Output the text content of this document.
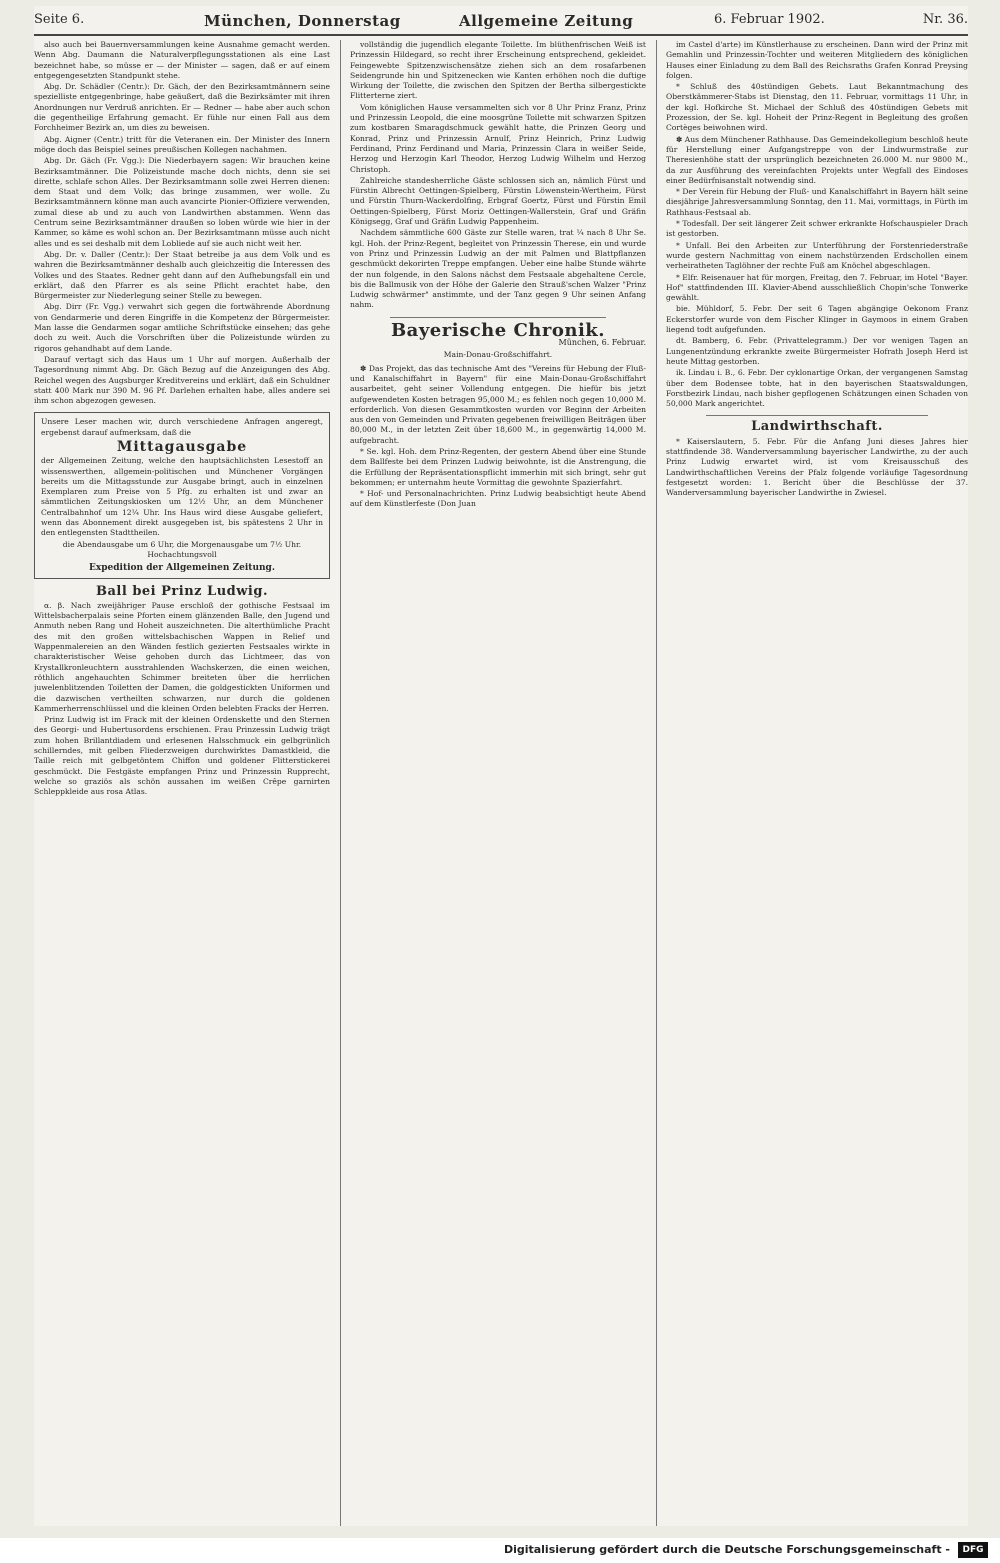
Seite 6.	München, Donnerstag	Allgemeine Zeitung	6. Februar 1902.	Nr. 36.

also auch bei Bauernversammlungen keine Ausnahme gemacht werden. Wenn Abg. Daumann die Naturalverpflegungsstationen als eine Last bezeichnet habe, so müsse er — der Minister — sagen, daß er auf einem entgegengesetzten Standpunkt stehe.

Abg. Dr. Schädler (Centr.): Dr. Gäch, der den Bezirksamtmännern seine spezielliste entgegenbringe, habe geäußert, daß die Bezirksämter mit ihren Anordnungen nur Verdruß anrichten. Er — Redner — habe aber auch schon die gegentheilige Erfahrung gemacht. Er fühle nur einen Fall aus dem Forchheimer Bezirk an, um dies zu beweisen.

Abg. Aigner (Centr.) tritt für die Veteranen ein. Der Minister des Innern möge doch das Beispiel seines preußischen Kollegen nachahmen.

Abg. Dr. Gäch (Fr. Vgg.): Die Niederbayern sagen: Wir brauchen keine Bezirksamtmänner. Die Polizeistunde mache doch nichts, denn sie sei dirette, schlafe schon Alles. Der Bezirksamtmann solle zwei Herren dienen: dem Staat und dem Volk; das bringe zusammen, wer wolle. Zu Bezirksamtmännern könne man auch avancirte Pionier-Offiziere verwenden, zumal diese ab und zu auch von Landwirthen abstammen. Wenn das Centrum seine Bezirksamtmänner draußen so loben würde wie hier in der Kammer, so käme es wohl schon an. Der Bezirksamtmann müsse auch nicht alles und es sei deshalb mit dem Lobliede auf sie auch nicht weit her.

Abg. Dr. v. Daller (Centr.): Der Staat betreibe ja aus dem Volk und es wahren die Bezirksamtmänner deshalb auch gleichzeitig die Interessen des Volkes und des Staates. Redner geht dann auf den Aufhebungsfall ein und erklärt, daß den Pfarrer es als seine Pflicht erachtet habe, den Bürgermeister zur Niederlegung seiner Stelle zu bewegen.

Abg. Dirr (Fr. Vgg.) verwahrt sich gegen die fortwährende Abordnung von Gendarmerie und deren Eingriffe in die Kompetenz der Bürgermeister. Man lasse die Gendarmen sogar amtliche Schriftstücke einsehen; das gehe doch zu weit. Auch die Vorschriften über die Polizeistunde würden zu rigoros gehandhabt auf dem Lande.

Darauf vertagt sich das Haus um 1 Uhr auf morgen. Außerhalb der Tagesordnung nimmt Abg. Dr. Gäch Bezug auf die Anzeigungen des Abg. Reichel wegen des Augsburger Kreditvereins und erklärt, daß ein Schuldner statt 400 Mark nur 390 M. 96 Pf. Darlehen erhalten habe, alles andere sei ihm schon abgezogen gewesen.

Unsere Leser machen wir, durch verschiedene Anfragen angeregt, ergebenst darauf aufmerksam, daß die

Mittagausgabe

der Allgemeinen Zeitung, welche den hauptsächlichsten Lesestoff an wissenswerthen, allgemein-politischen und Münchener Vorgängen bereits um die Mittagsstunde zur Ausgabe bringt, auch in einzelnen Exemplaren zum Preise von 5 Pfg. zu erhalten ist und zwar an sämmtlichen Zeitungskiosken um 12½ Uhr, an dem Münchener Centralbahnhof um 12¼ Uhr. Ins Haus wird diese Ausgabe geliefert, wenn das Abonnement direkt ausgegeben ist, bis spätestens 2 Uhr in den entlegensten Stadttheilen.

die Abendausgabe um 6 Uhr, die Morgenausgabe um 7½ Uhr.
Hochachtungsvoll
Expedition der Allgemeinen Zeitung.
Ball bei Prinz Ludwig.

α. β. Nach zweijähriger Pause erschloß der gothische Festsaal im Wittelsbacherpalais seine Pforten einem glänzenden Balle, den Jugend und Anmuth neben Rang und Hoheit auszeichneten. Die alterthümliche Pracht des mit den großen wittelsbachischen Wappen in Relief und Wappenmalereien an den Wänden festlich gezierten Festsaales wirkte in charakteristischer Weise gehoben durch das Lichtmeer, das von Krystallkronleuchtern ausstrahlenden Wachskerzen, die einen weichen, röthlich angehauchten Schimmer breiteten über die herrlichen juwelenblitzenden Toiletten der Damen, die goldgestickten Uniformen und die dazwischen vertheilten schwarzen, nur durch die goldenen Kammerherrenschlüssel und die kleinen Orden belebten Fracks der Herren.

Prinz Ludwig ist im Frack mit der kleinen Ordenskette und den Sternen des Georgi- und Hubertusordens erschienen. Frau Prinzessin Ludwig trägt zum hohen Brillantdiadem und erlesenen Halsschmuck ein gelbgrünlich schillerndes, mit gelben Fliederzweigen durchwirktes Damastkleid, die Taille reich mit gelbgetöntem Chiffon und goldener Flitterstickerei geschmückt. Die Festgäste empfangen Prinz und Prinzessin Rupprecht, welche so graziös als schön aussahen im weißen Crêpe garnirten Schleppkleide aus rosa Atlas.

vollständig die jugendlich elegante Toilette. Im blüthenfrischen Weiß ist Prinzessin Hildegard, so recht ihrer Erscheinung entsprechend, gekleidet. Feingewebte Spitzenzwischensätze ziehen sich an dem rosafarbenen Seidengrunde hin und Spitzenecken wie Kanten erhöhen noch die duftige Wirkung der Toilette, die zwischen den Spitzen der Bertha silbergestickte Flitterterne ziert.

Vom königlichen Hause versammelten sich vor 8 Uhr Prinz Franz, Prinz und Prinzessin Leopold, die eine moosgrüne Toilette mit schwarzen Spitzen zum kostbaren Smaragdschmuck gewählt hatte, die Prinzen Georg und Konrad, Prinz und Prinzessin Arnulf, Prinz Heinrich, Prinz Ludwig Ferdinand, Prinz Ferdinand und Maria, Prinzessin Clara in weißer Seide, Herzog und Herzogin Karl Theodor, Herzog Ludwig Wilhelm und Herzog Christoph.

Zahlreiche standesherrliche Gäste schlossen sich an, nämlich Fürst und Fürstin Albrecht Oettingen-Spielberg, Fürstin Löwenstein-Wertheim, Fürst und Fürstin Thurn-Wackerdolfing, Erbgraf Goertz, Fürst und Fürstin Emil Oettingen-Spielberg, Fürst Moriz Oettingen-Wallerstein, Graf und Gräfin Königsegg, Graf und Gräfin Ludwig Pappenheim.

Nachdem sämmtliche 600 Gäste zur Stelle waren, trat ¼ nach 8 Uhr Se. kgl. Hoh. der Prinz-Regent, begleitet von Prinzessin Therese, ein und wurde von Prinz und Prinzessin Ludwig an der mit Palmen und Blattpflanzen geschmückt dekorirten Treppe empfangen. Ueber eine halbe Stunde währte der nun folgende, in den Salons nächst dem Festsaale abgehaltene Cercle, bis die Ballmusik von der Höhe der Galerie den Strauß'schen Walzer "Prinz Ludwig schwärmer" anstimmte, und der Tanz gegen 9 Uhr seinen Anfang nahm.

Bayerische Chronik.
München, 6. Februar.
Main-Donau-Großschiffahrt.

✽ Das Projekt, das das technische Amt des "Vereins für Hebung der Fluß- und Kanalschiffahrt in Bayern" für eine Main-Donau-Großschiffahrt ausarbeitet, geht seiner Vollendung entgegen. Die hiefür bis jetzt aufgewendeten Kosten betragen 95,000 M.; es fehlen noch gegen 10,000 M. erforderlich. Von diesen Gesammtkosten wurden vor Beginn der Arbeiten aus den von Gemeinden und Privaten gegebenen freiwilligen Beiträgen über 80,000 M., in der letzten Zeit über 18,600 M., in gegenwärtig 14,000 M. aufgebracht.

* Se. kgl. Hoh. dem Prinz-Regenten, der gestern Abend über eine Stunde dem Ballfeste bei dem Prinzen Ludwig beiwohnte, ist die Anstrengung, die die Erfüllung der Repräsentationspflicht immerhin mit sich bringt, sehr gut bekommen; er unternahm heute Vormittag die gewohnte Spazierfahrt.

* Hof- und Personalnachrichten. Prinz Ludwig beabsichtigt heute Abend auf dem Künstlerfeste (Don Juan

im Castel d'arte) im Künstlerhause zu erscheinen. Dann wird der Prinz mit Gemahlin und Prinzessin-Tochter und weiteren Mitgliedern des königlichen Hauses einer Einladung zu dem Ball des Reichsraths Grafen Konrad Preysing folgen.

* Schluß des 40stündigen Gebets. Laut Bekanntmachung des Oberstkämmerer-Stabs ist Dienstag, den 11. Februar, vormittags 11 Uhr, in der kgl. Hofkirche St. Michael der Schluß des 40stündigen Gebets mit Prozession, der Se. kgl. Hoheit der Prinz-Regent in Begleitung des großen Cortèges beiwohnen wird.

✽ Aus dem Münchener Rathhause. Das Gemeindekollegium beschloß heute für Herstellung einer Aufgangstreppe von der Lindwurmstraße zur Theresienhöhe statt der ursprünglich bezeichneten 26.000 M. nur 9800 M., da zur Ausführung des vereinfachten Projekts unter Wegfall des Eindoses einer Bedürfnisanstalt notwendig sind.

* Der Verein für Hebung der Fluß- und Kanalschiffahrt in Bayern hält seine diesjährige Jahresversammlung Sonntag, den 11. Mai, vormittags, in Fürth im Rathhaus-Festsaal ab.

* Todesfall. Der seit längerer Zeit schwer erkrankte Hofschauspieler Drach ist gestorben.

* Unfall. Bei den Arbeiten zur Unterführung der Forstenriederstraße wurde gestern Nachmittag von einem nachstürzenden Erdschollen einem verheiratheten Taglöhner der rechte Fuß am Knöchel abgeschlagen.

* Elfr. Reisenauer hat für morgen, Freitag, den 7. Februar, im Hotel "Bayer. Hof" stattfindenden III. Klavier-Abend ausschließlich Chopin'sche Tonwerke gewählt.

bie. Mühldorf, 5. Febr. Der seit 6 Tagen abgängige Oekonom Franz Eckerstorfer wurde von dem Fischer Klinger in Gaymoos in einem Graben liegend todt aufgefunden.

dt. Bamberg, 6. Febr. (Privattelegramm.) Der vor wenigen Tagen an Lungenentzündung erkrankte zweite Bürgermeister Hofrath Joseph Herd ist heute Mittag gestorben.

ik. Lindau i. B., 6. Febr. Der cyklonartige Orkan, der vergangenen Samstag über dem Bodensee tobte, hat in den bayerischen Staatswaldungen, Forstbezirk Lindau, nach bisher gepflogenen Schätzungen einen Schaden von 50,000 Mark angerichtet.

Landwirthschaft.

* Kaiserslautern, 5. Febr. Für die Anfang Juni dieses Jahres hier stattfindende 38. Wanderversammlung bayerischer Landwirthe, zu der auch Prinz Ludwig erwartet wird, ist vom Kreisausschuß des Landwirthschaftlichen Vereins der Pfalz folgende vorläufige Tagesordnung festgesetzt worden: 1. Bericht über die Beschlüsse der 37. Wanderversammlung bayerischer Landwirthe in Zwiesel.

Digitalisierung gefördert durch die Deutsche Forschungsgemeinschaft -	DFG
